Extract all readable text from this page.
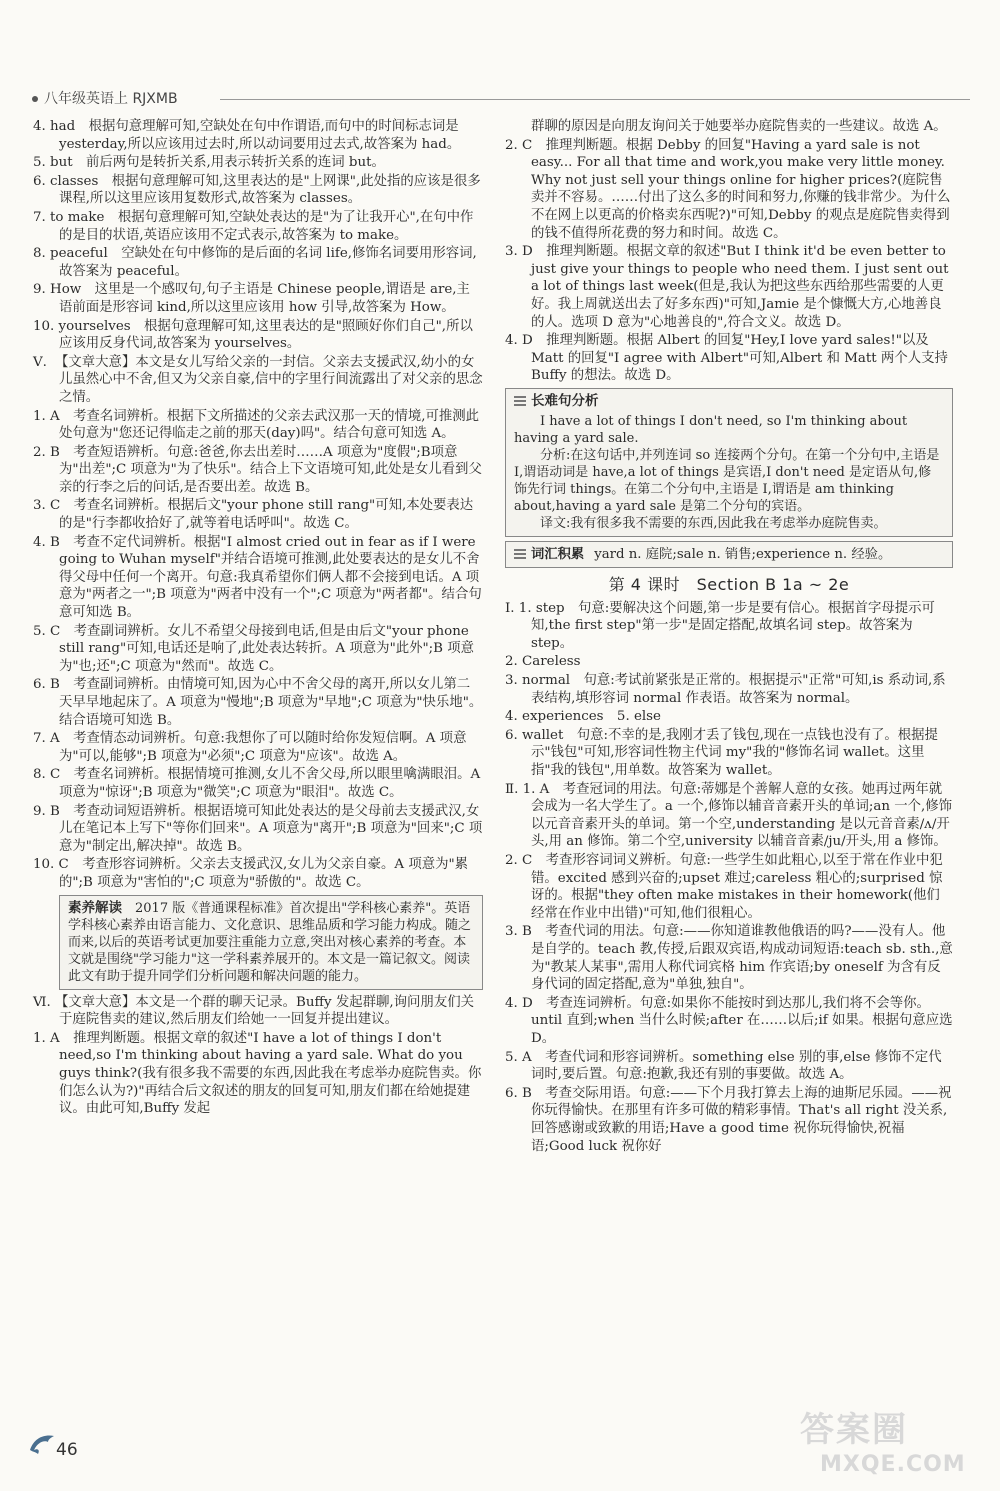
八年级英语上 RJXMB

4. had　根据句意理解可知,空缺处在句中作谓语,而句中的时间标志词是 yesterday,所以应该用过去时,所以动词要用过去式,故答案为 had。

5. but　前后两句是转折关系,用表示转折关系的连词 but。

6. classes　根据句意理解可知,这里表达的是"上网课",此处指的应该是很多课程,所以这里应该用复数形式,故答案为 classes。

7. to make　根据句意理解可知,空缺处表达的是"为了让我开心",在句中作的是目的状语,英语应该用不定式表示,故答案为 to make。

8. peaceful　空缺处在句中修饰的是后面的名词 life,修饰名词要用形容词,故答案为 peaceful。

9. How　这里是一个感叹句,句子主语是 Chinese people,谓语是 are,主语前面是形容词 kind,所以这里应该用 how 引导,故答案为 How。

10. yourselves　根据句意理解可知,这里表达的是"照顾好你们自己",所以应该用反身代词,故答案为 yourselves。

Ⅴ. 【文章大意】本文是女儿写给父亲的一封信。父亲去支援武汉,幼小的女儿虽然心中不舍,但又为父亲自豪,信中的字里行间流露出了对父亲的思念之情。

1. A　考查名词辨析。根据下文所描述的父亲去武汉那一天的情境,可推测此处句意为"您还记得临走之前的那天(day)吗"。结合句意可知选 A。

2. B　考查短语辨析。句意:爸爸,你去出差时……A 项意为"度假";B项意为"出差";C 项意为"为了快乐"。结合上下文语境可知,此处是女儿看到父亲的行李之后的问话,是否要出差。故选 B。

3. C　考查名词辨析。根据后文"your phone still rang"可知,本处要表达的是"行李都收拾好了,就等着电话呼叫"。故选 C。

4. B　考查不定代词辨析。根据"I almost cried out in fear as if I were going to Wuhan myself"并结合语境可推测,此处要表达的是女儿不舍得父母中任何一个离开。句意:我真希望你们俩人都不会接到电话。A 项意为"两者之一";B 项意为"两者中没有一个";C 项意为"两者都"。结合句意可知选 B。

5. C　考查副词辨析。女儿不希望父母接到电话,但是由后文"your phone still rang"可知,电话还是响了,此处表达转折。A 项意为"此外";B 项意为"也;还";C 项意为"然而"。故选 C。

6. B　考查副词辨析。由情境可知,因为心中不舍父母的离开,所以女儿第二天早早地起床了。A 项意为"慢地";B 项意为"早地";C 项意为"快乐地"。结合语境可知选 B。

7. A　考查情态动词辨析。句意:我想你了可以随时给你发短信啊。A 项意为"可以,能够";B 项意为"必须";C 项意为"应该"。故选 A。

8. C　考查名词辨析。根据情境可推测,女儿不舍父母,所以眼里噙满眼泪。A 项意为"惊讶";B 项意为"微笑";C 项意为"眼泪"。故选 C。

9. B　考查动词短语辨析。根据语境可知此处表达的是父母前去支援武汉,女儿在笔记本上写下"等你们回来"。A 项意为"离开";B 项意为"回来";C 项意为"制定出,解决掉"。故选 B。

10. C　考查形容词辨析。父亲去支援武汉,女儿为父亲自豪。A 项意为"累的";B 项意为"害怕的";C 项意为"骄傲的"。故选 C。

素养解读　 2017 版《普通课程标准》首次提出"学科核心素养"。英语学科核心素养由语言能力、文化意识、思维品质和学习能力构成。随之而来,以后的英语考试更加要注重能力立意,突出对核心素养的考查。本文就是围绕"学习能力"这一学科素养展开的。本文是一篇记叙文。阅读此文有助于提升同学们分析问题和解决问题的能力。

Ⅵ. 【文章大意】本文是一个群的聊天记录。Buffy 发起群聊,询问朋友们关于庭院售卖的建议,然后朋友们给她一一回复并提出建议。

1. A　推理判断题。根据文章的叙述"I have a lot of things I don't need,so I'm thinking about having a yard sale. What do you guys think?(我有很多我不需要的东西,因此我在考虑举办庭院售卖。你们怎么认为?)"再结合后文叙述的朋友的回复可知,朋友们都在给她提建议。由此可知,Buffy 发起

群聊的原因是向朋友询问关于她要举办庭院售卖的一些建议。故选 A。

2. C　推理判断题。根据 Debby 的回复"Having a yard sale is not easy... For all that time and work,you make very little money. Why not just sell your things online for higher prices?(庭院售卖并不容易。……付出了这么多的时间和努力,你赚的钱非常少。为什么不在网上以更高的价格卖东西呢?)"可知,Debby 的观点是庭院售卖得到的钱不值得所花费的努力和时间。故选 C。

3. D　推理判断题。根据文章的叙述"But I think it'd be even better to just give your things to people who need them. I just sent out a lot of things last week(但是,我认为把这些东西给那些需要的人更好。我上周就送出去了好多东西)"可知,Jamie 是个慷慨大方,心地善良的人。选项 D 意为"心地善良的",符合文义。故选 D。

4. D　推理判断题。根据 Albert 的回复"Hey,I love yard sales!"以及 Matt 的回复"I agree with Albert"可知,Albert 和 Matt 两个人支持 Buffy 的想法。故选 D。

长难句分析

I have a lot of things I don't need, so I'm thinking about having a yard sale.

分析:在这句话中,并列连词 so 连接两个分句。在第一个分句中,主语是 I,谓语动词是 have,a lot of things 是宾语,I don't need 是定语从句,修饰先行词 things。在第二个分句中,主语是 I,谓语是 am thinking about,having a yard sale 是第二个分句的宾语。

译文:我有很多我不需要的东西,因此我在考虑举办庭院售卖。

词汇积累 yard n. 庭院;sale n. 销售;experience n. 经验。
第 4 课时　Section B 1a ~ 2e

Ⅰ. 1. step　句意:要解决这个问题,第一步是要有信心。根据首字母提示可知,the first step"第一步"是固定搭配,故填名词 step。故答案为 step。

2. Careless

3. normal　句意:考试前紧张是正常的。根据提示"正常"可知,is 系动词,系表结构,填形容词 normal 作表语。故答案为 normal。

4. experiences　5. else

6. wallet　句意:不幸的是,我刚才丢了钱包,现在一点钱也没有了。根据提示"钱包"可知,形容词性物主代词 my"我的"修饰名词 wallet。这里指"我的钱包",用单数。故答案为 wallet。

Ⅱ. 1. A　考查冠词的用法。句意:蒂娜是个善解人意的女孩。她再过两年就会成为一名大学生了。a 一个,修饰以辅音音素开头的单词;an 一个,修饰以元音音素开头的单词。第一个空,understanding 是以元音音素/ʌ/开头,用 an 修饰。第二个空,university 以辅音音素/ju/开头,用 a 修饰。

2. C　考查形容词词义辨析。句意:一些学生如此粗心,以至于常在作业中犯错。excited 感到兴奋的;upset 难过;careless 粗心的;surprised 惊讶的。根据"they often make mistakes in their homework(他们经常在作业中出错)"可知,他们很粗心。

3. B　考查代词的用法。句意:——你知道谁教他俄语的吗?——没有人。他是自学的。teach 教,传授,后跟双宾语,构成动词短语:teach sb. sth.,意为"教某人某事",需用人称代词宾格 him 作宾语;by oneself 为含有反身代词的固定搭配,意为"单独,独自"。

4. D　考查连词辨析。句意:如果你不能按时到达那儿,我们将不会等你。until 直到;when 当什么时候;after 在……以后;if 如果。根据句意应选 D。

5. A　考查代词和形容词辨析。something else 别的事,else 修饰不定代词时,要后置。句意:抱歉,我还有别的事要做。故选 A。

6. B　考查交际用语。句意:——下个月我打算去上海的迪斯尼乐园。——祝你玩得愉快。在那里有许多可做的精彩事情。That's all right 没关系,回答感谢或致歉的用语;Have a good time 祝你玩得愉快,祝福语;Good luck 祝你好

46	答案圈
MXQE.COM
